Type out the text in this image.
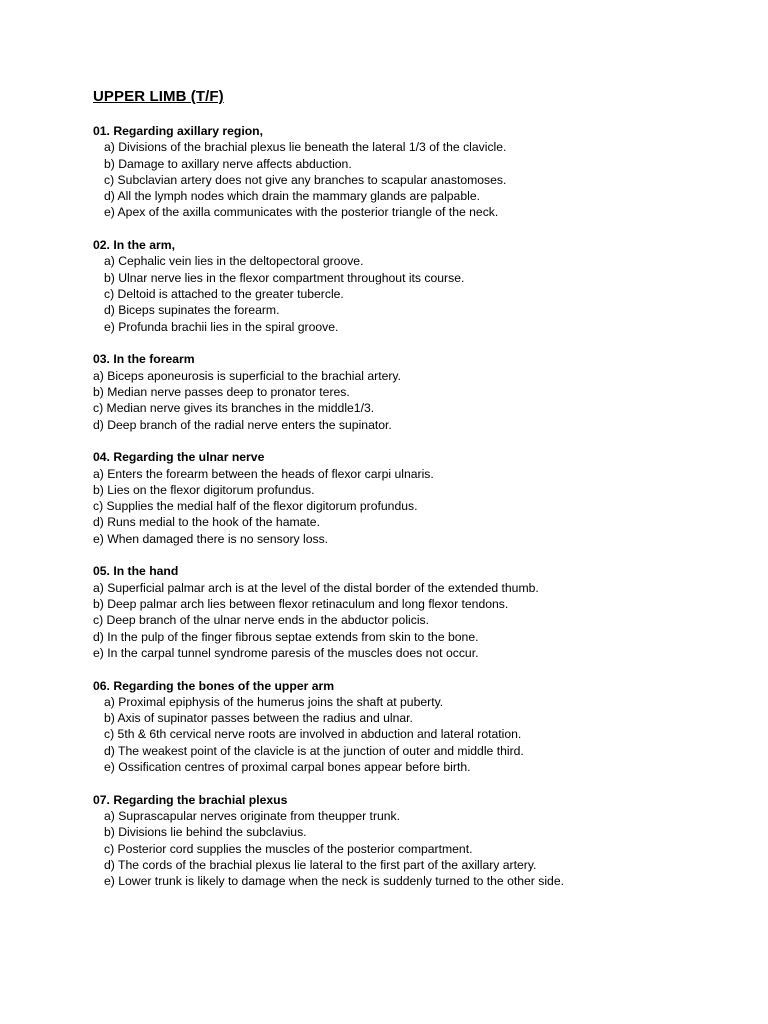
UPPER LIMB (T/F)
01. Regarding axillary region,
a) Divisions of the brachial plexus lie beneath the lateral 1/3 of the clavicle.
b) Damage to axillary nerve affects abduction.
c) Subclavian artery does not give any branches to scapular anastomoses.
d) All the lymph nodes which drain the mammary glands are palpable.
e) Apex of the axilla communicates with the posterior triangle of the neck.
02. In the arm,
a) Cephalic vein lies in the deltopectoral groove.
b) Ulnar nerve lies in the flexor compartment throughout its course.
c) Deltoid is attached to the greater tubercle.
d) Biceps supinates the forearm.
e) Profunda brachii lies in the spiral groove.
03. In the forearm
a) Biceps aponeurosis is superficial to the brachial artery.
b) Median nerve passes deep to pronator teres.
c) Median nerve gives its branches in the middle1/3.
d) Deep branch of the radial nerve enters the supinator.
04. Regarding the ulnar nerve
a) Enters the forearm between the heads of flexor carpi ulnaris.
b) Lies on the flexor digitorum profundus.
c) Supplies the medial half of the flexor digitorum profundus.
d) Runs medial to the hook of the hamate.
e) When damaged there is no sensory loss.
05. In the hand
a) Superficial palmar arch is at the level of the distal border of the extended thumb.
b) Deep palmar arch lies between flexor retinaculum and long flexor tendons.
c) Deep branch of the ulnar nerve ends in the abductor policis.
d) In the pulp of the finger fibrous septae extends from skin to the bone.
e) In the carpal tunnel syndrome paresis of the muscles does not occur.
06. Regarding the bones of the upper arm
a) Proximal epiphysis of the humerus joins the shaft at puberty.
b) Axis of supinator passes between the radius and ulnar.
c) 5th & 6th cervical nerve roots are involved in abduction and lateral rotation.
d) The weakest point of the clavicle is at the junction of outer and middle third.
e) Ossification centres of proximal carpal bones appear before birth.
07. Regarding the brachial plexus
a) Suprascapular nerves originate from theupper trunk.
b) Divisions lie behind the subclavius.
c) Posterior cord supplies the muscles of the posterior compartment.
d) The cords of the brachial plexus lie lateral to the first part of the axillary artery.
e) Lower trunk is likely to damage when the neck is suddenly turned to the other side.
